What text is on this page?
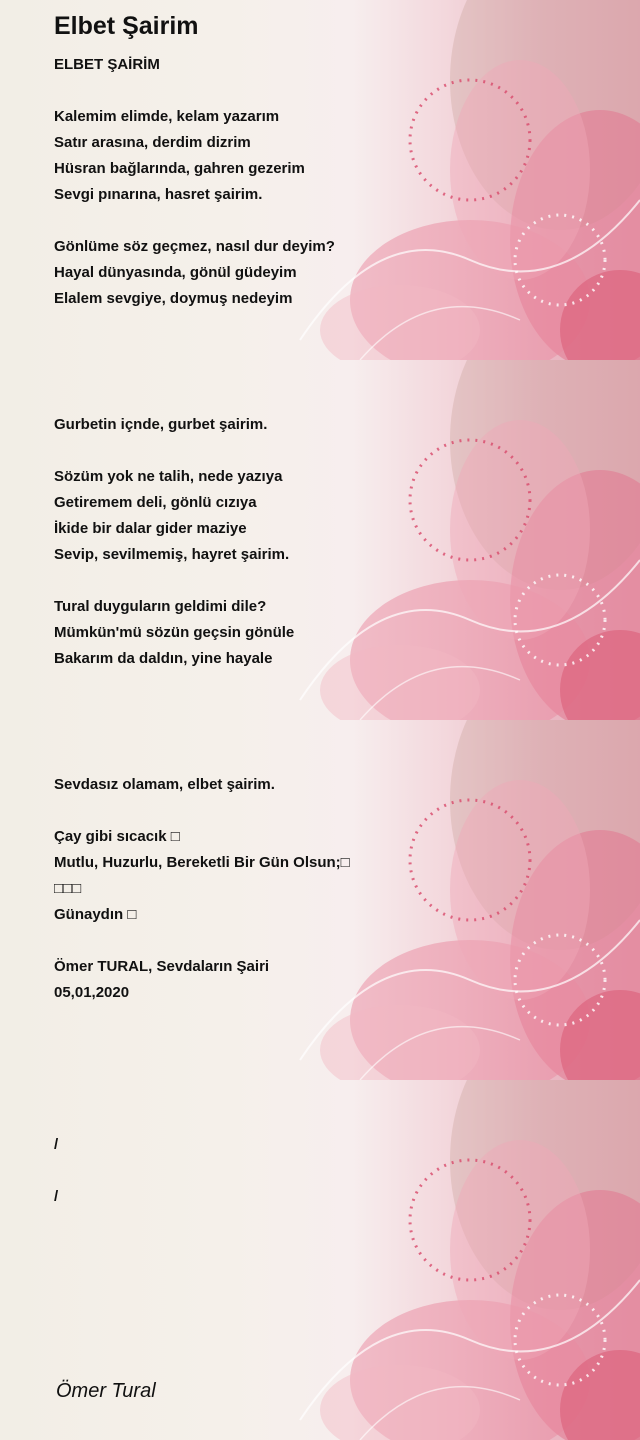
Elbet Şairim

ELBET ŞAİRİM

Kalemim elimde, kelam yazarım

Satır arasına, derdim dizrim

Hüsran bağlarında, gahren gezerim

Sevgi pınarına, hasret şairim.

Gönlüme söz geçmez, nasıl dur deyim?

Hayal dünyasında, gönül güdeyim

Elalem sevgiye, doymuş nedeyim

Gurbetin içnde, gurbet şairim.

Sözüm yok ne talih, nede yazıya

Getiremem deli, gönlü cızıya

İkide bir dalar gider maziye

Sevip, sevilmemiş, hayret şairim.

Tural duyguların geldimi dile?

Mümkün'mü sözün geçsin gönüle

Bakarım da daldın, yine hayale

Sevdasız olamam, elbet şairim.

Çay gibi sıcacık □

Mutlu, Huzurlu, Bereketli Bir Gün Olsun;□

□□□

Günaydın □

Ömer TURAL, Sevdaların Şairi

05,01,2020

/

/

Ömer Tural
